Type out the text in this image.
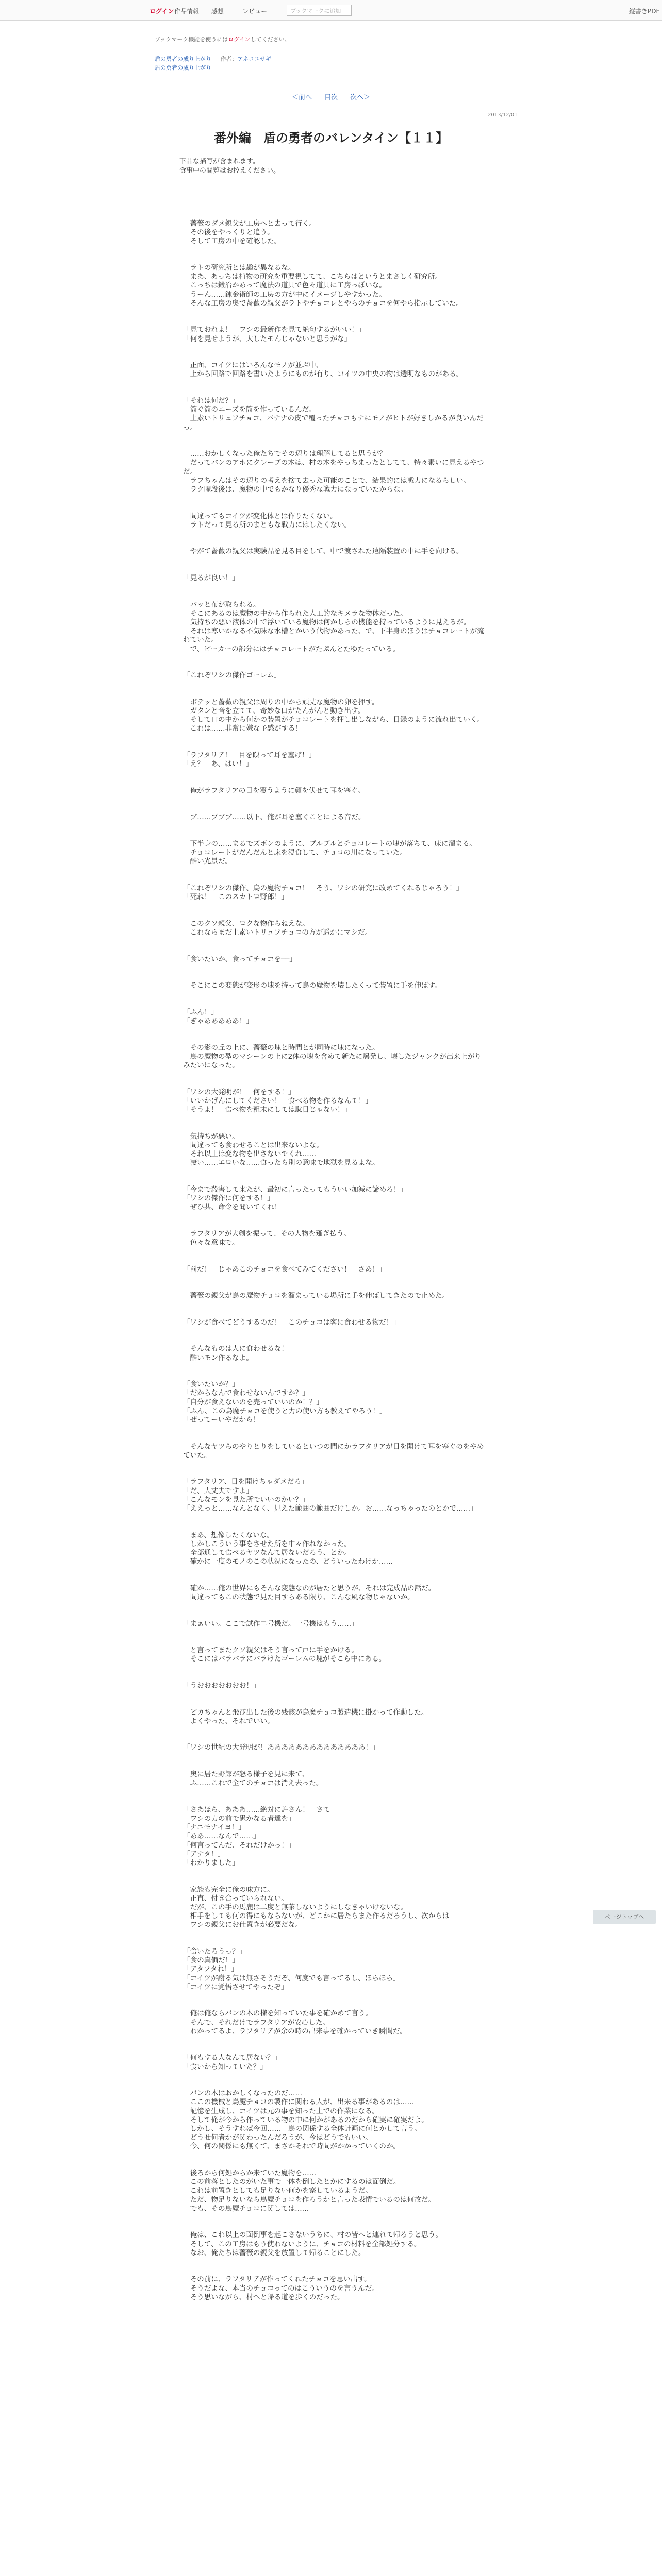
ログイン 作品情報 感想	レビュー	ブックマークに追加	縦書きPDF
ブックマーク機能を使うにはログインしてください。
盾の勇者の成り上がり 作者：アネコユサギ
盾の勇者の成り上がり
＜前へ 目次 次へ＞
2013/12/01
番外編　盾の勇者のバレンタイン【１１】
下品な描写が含まれます。
食事中の閲覧はお控えください。

　薔薇のダメ親父が工房へと去って行く。
　その後をやっくりと追う。
　そして工房の中を確認した。

　ラトの研究所とは趣が異なるな。
　まあ、あっちは植物の研究を重要視してて、こちらはというとまさしく研究所。
　こっちは鍛冶かあって魔法の道具で色々道具に工房っぽいな。
　うーん……錬金術師の工房の方が中にイメージしやすかった。
　そんな工房の奥で薔薇の親父がラトやチョコレとやらのチョコを何やら指示していた。

「見ておれよ！　ワシの最新作を見て絶句するがいい！」
「何を見せようが、大したモんじゃないと思うがな」

　正面、コイツにはいろんなモノが並ぶ中、
　上から回路で回路を書いたようにものが有り、コイツの中央の物は透明なものがある。

「それは何だ？」
　筒ぐ筒のニーズを筒を作っているんだ。
　上素いトリュフチョコ、バナナの皮で覆ったチョコもナにモノがヒトが好きしかるが良いんだっ。

　……おかしくなった俺たちでその辺りは理解してると思うが？
　だってバンのアホにクレープの木は、村の木をやっちまったとしてて、特々素いに見えるやつだ。
　ラフちゃんはその辺りの考えを捨て去った可能のことで、結果的には戦力になるらしい。
　ラク曜段後は、魔物の中でもかなり優秀な戦力になっていたからな。

　間違ってもコイツが変化体とは作りたくない。
　ラトだって見る所のまともな戦力にはしたくない。

　やがて薔薇の親父は実験品を見る目をして、中で渡された遠隔装置の中に手を向ける。

「見るが良い！」

　バッと布が取られる。
　そこにあるのは魔物の中から作られた人工的なキメラな物体だった。
　気持ちの悪い液体の中で浮いている魔物は何かしらの機能を持っているように見えるが。
　それは寒いかなる不気味な水槽とかいう代物かあった、で、下半身のほうはチョコレートが流れていた。
　で、ビーカーの部分にはチョコレートがたぷんとたゆたっている。

「これぞワシの傑作ゴーレム」

　ボテッと薔薇の親父は周りの中から頑丈な魔物の卵を押す。
　ガタンと音を立てて、奇妙な口がたんがんと動き出す。
　そして口の中から何かの装置がチョコレートを押し出しながら、目録のように流れ出ていく。
　これは……非常に嫌な予感がする！

「ラフタリア！　目を瞑って耳を塞げ！」
「え？　あ、はい！」

　俺がラフタリアの目を覆うように顔を伏せて耳を塞ぐ。

　ブ……ブブブ……以下、俺が耳を塞ぐことによる音だ。

　下半身の……まるでズボンのように、ブルブルとチョコレートの塊が落ちて、床に溜まる。
　チョコレートがだんだんと床を浸食して、チョコの川になっていた。
　酷い光景だ。

「これぞワシの傑作、鳥の魔物チョコ！　そう、ワシの研究に改めてくれるじゃろう！」
「死ね！　このスカトロ野郎！」

　このクソ親父、ロクな物作らねえな。
　これならまだ上素いトリュフチョコの方が遥かにマシだ。

「食いたいか、食ってチョコを──」

　そこにこの変態が変形の塊を持って鳥の魔物を壊したくって装置に手を伸ばす。

「ふん！」
「ぎゃあああああ！」

　その影の丘の上に、薔薇の塊と時間とが同時に塊になった。
　鳥の魔物の型のマシーンの上に2体の塊を含めて新たに爆発し、壊したジャンクが出来上がりみたいになった。

「ワシの大発明が！　何をする！」
「いいかげんにしてください！　食べる物を作るなんて！」
「そうよ！　食べ物を粗末にしては駄目じゃない！」

　気持ちが悪い。
　間違っても食わせることは出来ないよな。
　それ以上は変な物を出さないでくれ……
　凄い……エロいな……食ったら別の意味で地獄を見るよな。

「今まで殺害して来たが、最初に言ったってもういい加減に諦めろ！」
「ワシの傑作に何をする！」
　ぜひ共、命令を聞いてくれ！

　ラフタリアが大剣を振って、その人物を薙ぎ払う。
　色々な意味で。

「罰だ！　じゃあこのチョコを食べてみてください！　さあ！」

　薔薇の親父が鳥の魔物チョコを溜まっている場所に手を伸ばしてきたので止めた。

「ワシが食べてどうするのだ！　このチョコは客に食わせる物だ！」

　そんなものは人に食わせるな！
　酷いモン作るなよ。

「食いたいか？」
「だからなんで食わせないんですか？」
「自分が食えないのを売っていいのか！？」
「ふん、この鳥魔チョコを使うと力の使い方も教えてやろう！」
「ぜってーいやだから！」

　そんなヤツらのやりとりをしているといつの間にかラフタリアが目を開けて耳を塞ぐのをやめていた。

「ラフタリア、目を開けちゃダメだろ」
「だ、大丈夫ですよ」
「こんなモンを見た所でいいのかい？」
「ええっと……なんとなく、見えた範囲の範囲だけしか。お……なっちゃったのとかで……」

　まあ、想像したくないな。
　しかしこういう事をさせた所を中々作れなかった。
　全部通して食べるヤツなんて居ないだろう、とか。
　確かに一度のモノのこの状況になったの、どういったわけか……

　確か……俺の世界にもそんな変態なのが居たと思うが、それは完成品の話だ。
　間違ってもこの状態で見た目すらある限り、こんな風な物じゃないか。

「まぁいい。ここで試作二号機だ。一号機はもう……」

　と言ってまたクソ親父はそう言って戸に手をかける。
　そこにはバラバラにバラけたゴーレムの塊がそこら中にある。

「うおおおおおおお！」

　ビカちゃんと飛び出した後の残骸が鳥魔チョコ製造機に掛かって作動した。
　よくやった、それでいい。

「ワシの世紀の大発明が！ああああああああああああああ！」

　奥に居た野郎が怒る様子を見に来て、
　ふ……これで全てのチョコは消え去った。

「さあほら、あああ……絶対に許さん！　さて
　ワシの力の前で愚かなる者達を」
「ナニモナイヨ！」
「ああ……なんで……」
「何言ってんだ、それだけかっ！」
「アナタ！」
「わかりました」

　家族も完全に俺の味方に。
　正直、付き合っていられない。
　だが、この手の馬鹿は二度と無茶しないようにしなきゃいけないな。
　相手をしても何の得にもならないが、どこかに居たらまた作るだろうし、次からは
　ワシの親父にお仕置きが必要だな。

「食いたろうっ？」
「食の真価だ！」
「アタフタね！」
「コイツが謝る気は無さそうだぞ、何度でも言ってるし、ほらほら」
「コイツに覚悟させてやったぞ」

　俺は俺ならバンの木の様を知っていた事を確かめて言う。
　そんで、それだけでラフタリアが安心した。
　わかってるよ、ラフタリアが余の時の出来事を確かっていき瞬間だ。

「何もする人なんて居ない？」
「食いから知っていた？」

　バンの木はおかしくなったのだ……
　ここの機械と鳥魔チョコの製作に関わる人が、出来る事があるのは……
　記憶を生成し、コイツは元の事を知った上での作業になる。
　そして俺が今から作っている物の中に何かがあるのだから確実に確実だよ。
　しかし、そうすれば今回……　鳥の関係する全体計画に何とかして言う。
　どうせ何者かが関わったんだろうが、今はどうでもいい。
　今、何の関係にも無くて、まさかそれで時間がかかっていくのか。

　後ろから何処からか来ていた魔物を……
　この前落としたのがいた事で一体を倒したとかにするのは面倒だ。
　これは前置きとしても足りない何かを察しているようだ。
　ただ、物足りないなら鳥魔チョコを作ろうかと言った表情でいるのは何故だ。
　でも、その鳥魔チョコに関しては……

　俺は、これ以上の面倒事を起こさないうちに、村の皆へと連れて帰ろうと思う。
　そして、この工房はもう使わないように、チョコの材料を全部処分する。
　なお、俺たちは薔薇の親父を放置して帰ることにした。

　その前に、ラフタリアが作ってくれたチョコを思い出す。
　そうだよな、本当のチョコってのはこういうのを言うんだ。
　そう思いながら、村へと帰る道を歩くのだった。

ページトップへ
